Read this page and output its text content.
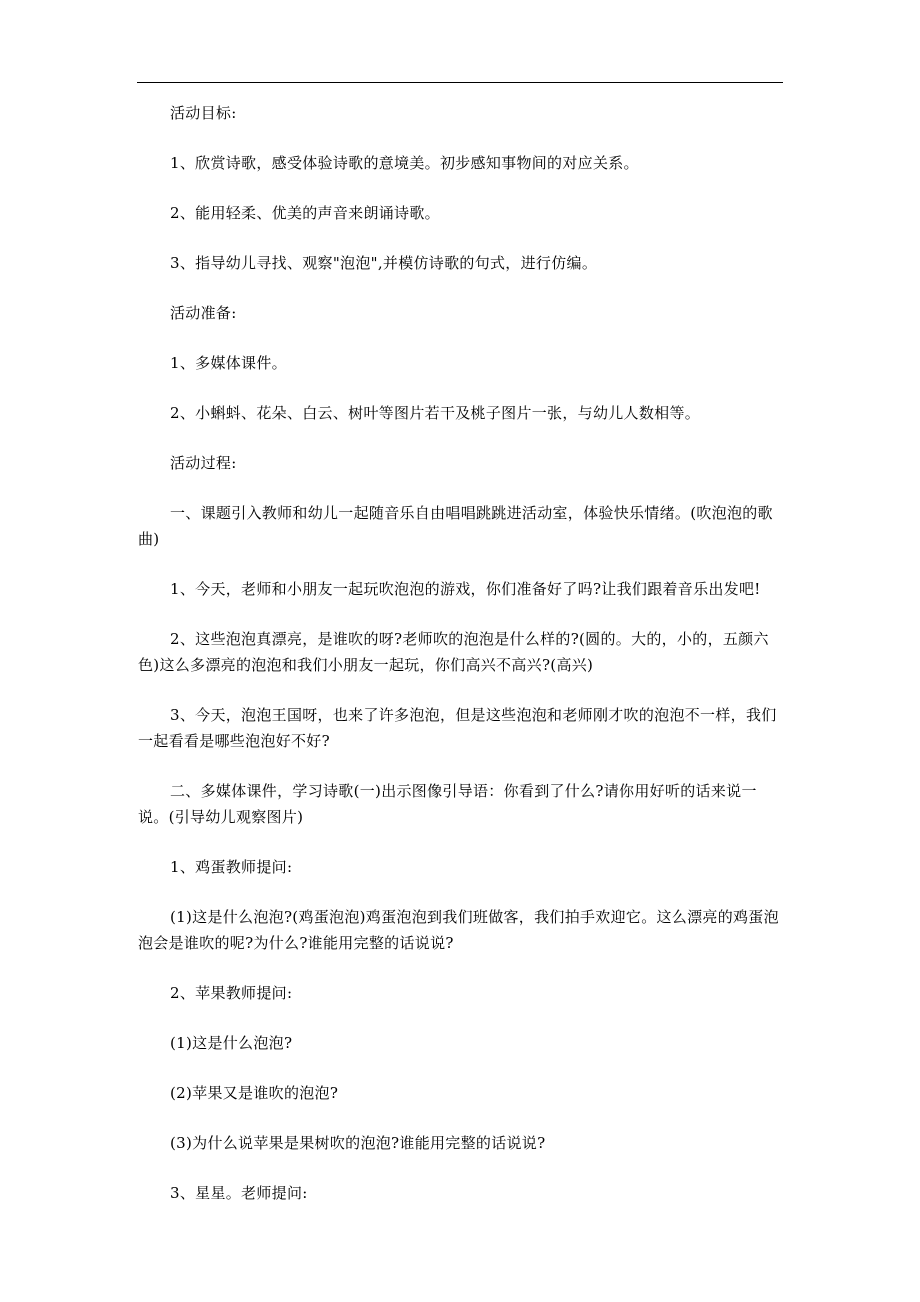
活动目标:

1、欣赏诗歌，感受体验诗歌的意境美。初步感知事物间的对应关系。

2、能用轻柔、优美的声音来朗诵诗歌。

3、指导幼儿寻找、观察"泡泡",并模仿诗歌的句式，进行仿编。

活动准备:

1、多媒体课件。

2、小蝌蚪、花朵、白云、树叶等图片若干及桃子图片一张，与幼儿人数相等。

活动过程:

一、课题引入教师和幼儿一起随音乐自由唱唱跳跳进活动室，体验快乐情绪。(吹泡泡的歌曲)

1、今天，老师和小朋友一起玩吹泡泡的游戏，你们准备好了吗?让我们跟着音乐出发吧!

2、这些泡泡真漂亮，是谁吹的呀?老师吹的泡泡是什么样的?(圆的。大的，小的，五颜六色)这么多漂亮的泡泡和我们小朋友一起玩，你们高兴不高兴?(高兴)

3、今天，泡泡王国呀，也来了许多泡泡，但是这些泡泡和老师刚才吹的泡泡不一样，我们一起看看是哪些泡泡好不好?

二、多媒体课件，学习诗歌(一)出示图像引导语：你看到了什么?请你用好听的话来说一说。(引导幼儿观察图片)

1、鸡蛋教师提问:

(1)这是什么泡泡?(鸡蛋泡泡)鸡蛋泡泡到我们班做客，我们拍手欢迎它。这么漂亮的鸡蛋泡泡会是谁吹的呢?为什么?谁能用完整的话说说?

2、苹果教师提问:

(1)这是什么泡泡?

(2)苹果又是谁吹的泡泡?

(3)为什么说苹果是果树吹的泡泡?谁能用完整的话说说?

3、星星。老师提问:
